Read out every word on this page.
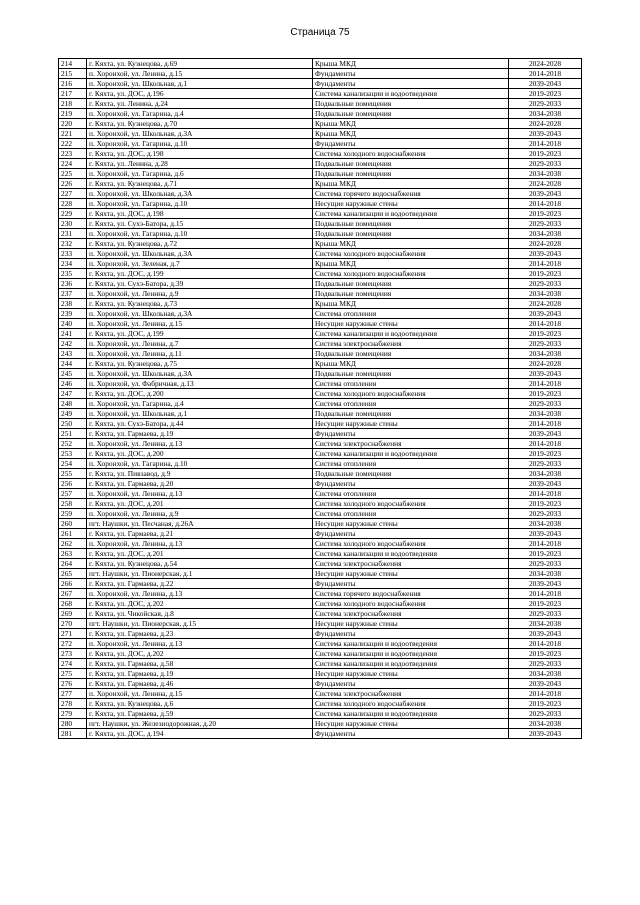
Страница 75
214	г. Кяхта, ул. Кузнецова, д.69	Крыша МКД	2024-2028
215	п. Хоронхой, ул. Ленина, д.15	Фундаменты	2014-2018
216	п. Хоронхой, ул. Школьная, д.1	Фундаменты	2039-2043
217	г. Кяхта, ул. ДОС, д.196	Система канализации и водоотведения	2019-2023
218	г. Кяхта, ул. Ленина, д.24	Подвальные помещения	2029-2033
219	п. Хоронхой, ул. Гагарина, д.4	Подвальные помещения	2034-2038
220	г. Кяхта, ул. Кузнецова, д.70	Крыша МКД	2024-2028
221	п. Хоронхой, ул. Школьная, д.3А	Крыша МКД	2039-2043
222	п. Хоронхой, ул. Гагарина, д.10	Фундаменты	2014-2018
223	г. Кяхта, ул. ДОС, д.198	Система холодного водоснабжения	2019-2023
224	г. Кяхта, ул. Ленина, д.28	Подвальные помещения	2029-2033
225	п. Хоронхой, ул. Гагарина, д.6	Подвальные помещения	2034-2038
226	г. Кяхта, ул. Кузнецова, д.71	Крыша МКД	2024-2028
227	п. Хоронхой, ул. Школьная, д.3А	Система горячего водоснабжения	2039-2043
228	п. Хоронхой, ул. Гагарина, д.10	Несущие наружные стены	2014-2018
229	г. Кяхта, ул. ДОС, д.198	Система канализации и водоотведения	2019-2023
230	г. Кяхта, ул. Сухэ-Батора, д.15	Подвальные помещения	2029-2033
231	п. Хоронхой, ул. Гагарина, д.10	Подвальные помещения	2034-2038
232	г. Кяхта, ул. Кузнецова, д.72	Крыша МКД	2024-2028
233	п. Хоронхой, ул. Школьная, д.3А	Система холодного водоснабжения	2039-2043
234	п. Хоронхой, ул. Зеленая, д.7	Крыша МКД	2014-2018
235	г. Кяхта, ул. ДОС, д.199	Система холодного водоснабжения	2019-2023
236	г. Кяхта, ул. Сухэ-Батора, д.39	Подвальные помещения	2029-2033
237	п. Хоронхой, ул. Ленина, д.9	Подвальные помещения	2034-2038
238	г. Кяхта, ул. Кузнецова, д.73	Крыша МКД	2024-2028
239	п. Хоронхой, ул. Школьная, д.3А	Система отопления	2039-2043
240	п. Хоронхой, ул. Ленина, д.15	Несущие наружные стены	2014-2018
241	г. Кяхта, ул. ДОС, д.199	Система канализации и водоотведения	2019-2023
242	п. Хоронхой, ул. Ленина, д.7	Система электроснабжения	2029-2033
243	п. Хоронхой, ул. Ленина, д.11	Подвальные помещения	2034-2038
244	г. Кяхта, ул. Кузнецова, д.75	Крыша МКД	2024-2028
245	п. Хоронхой, ул. Школьная, д.3А	Подвальные помещения	2039-2043
246	п. Хоронхой, ул. Фабричная, д.13	Система отопления	2014-2018
247	г. Кяхта, ул. ДОС, д.200	Система холодного водоснабжения	2019-2023
248	п. Хоронхой, ул. Гагарина, д.4	Система отопления	2029-2033
249	п. Хоронхой, ул. Школьная, д.1	Подвальные помещения	2034-2038
250	г. Кяхта, ул. Сухэ-Батора, д.44	Несущие наружные стены	2014-2018
251	г. Кяхта, ул. Гармаева, д.19	Фундаменты	2039-2043
252	п. Хоронхой, ул. Ленина, д.13	Система электроснабжения	2014-2018
253	г. Кяхта, ул. ДОС, д.200	Система канализации и водоотведения	2019-2023
254	п. Хоронхой, ул. Гагарина, д.10	Система отопления	2029-2033
255	г. Кяхта, ул. Пивзавод, д.9	Подвальные помещения	2034-2038
256	г. Кяхта, ул. Гармаева, д.20	Фундаменты	2039-2043
257	п. Хоронхой, ул. Ленина, д.13	Система отопления	2014-2018
258	г. Кяхта, ул. ДОС, д.201	Система холодного водоснабжения	2019-2023
259	п. Хоронхой, ул. Ленина, д.9	Система отопления	2029-2033
260	пгт. Наушки, ул. Песчаная, д.26А	Несущие наружные стены	2034-2038
261	г. Кяхта, ул. Гармаева, д.21	Фундаменты	2039-2043
262	п. Хоронхой, ул. Ленина, д.13	Система холодного водоснабжения	2014-2018
263	г. Кяхта, ул. ДОС, д.201	Система канализации и водоотведения	2019-2023
264	г. Кяхта, ул. Кузнецова, д.54	Система электроснабжения	2029-2033
265	пгт. Наушки, ул. Пионерская, д.1	Несущие наружные стены	2034-2038
266	г. Кяхта, ул. Гармаева, д.22	Фундаменты	2039-2043
267	п. Хоронхой, ул. Ленина, д.13	Система горячего водоснабжения	2014-2018
268	г. Кяхта, ул. ДОС, д.202	Система холодного водоснабжения	2019-2023
269	г. Кяхта, ул. Чикойская, д.8	Система электроснабжения	2029-2033
270	пгт. Наушки, ул. Пионерская, д.15	Несущие наружные стены	2034-2038
271	г. Кяхта, ул. Гармаева, д.23	Фундаменты	2039-2043
272	п. Хоронхой, ул. Ленина, д.13	Система канализации и водоотведения	2014-2018
273	г. Кяхта, ул. ДОС, д.202	Система канализации и водоотведения	2019-2023
274	г. Кяхта, ул. Гармаева, д.58	Система канализации и водоотведения	2029-2033
275	г. Кяхта, ул. Гармаева, д.19	Несущие наружные стены	2034-2038
276	г. Кяхта, ул. Гармаева, д.46	Фундаменты	2039-2043
277	п. Хоронхой, ул. Ленина, д.15	Система электроснабжения	2014-2018
278	г. Кяхта, ул. Кузнецова, д.6	Система холодного водоснабжения	2019-2023
279	г. Кяхта, ул. Гармаева, д.59	Система канализации и водоотведения	2029-2033
280	пгт. Наушки, ул. Железнодорожная, д.20	Несущие наружные стены	2034-2038
281	г. Кяхта, ул. ДОС, д.194	Фундаменты	2039-2043
